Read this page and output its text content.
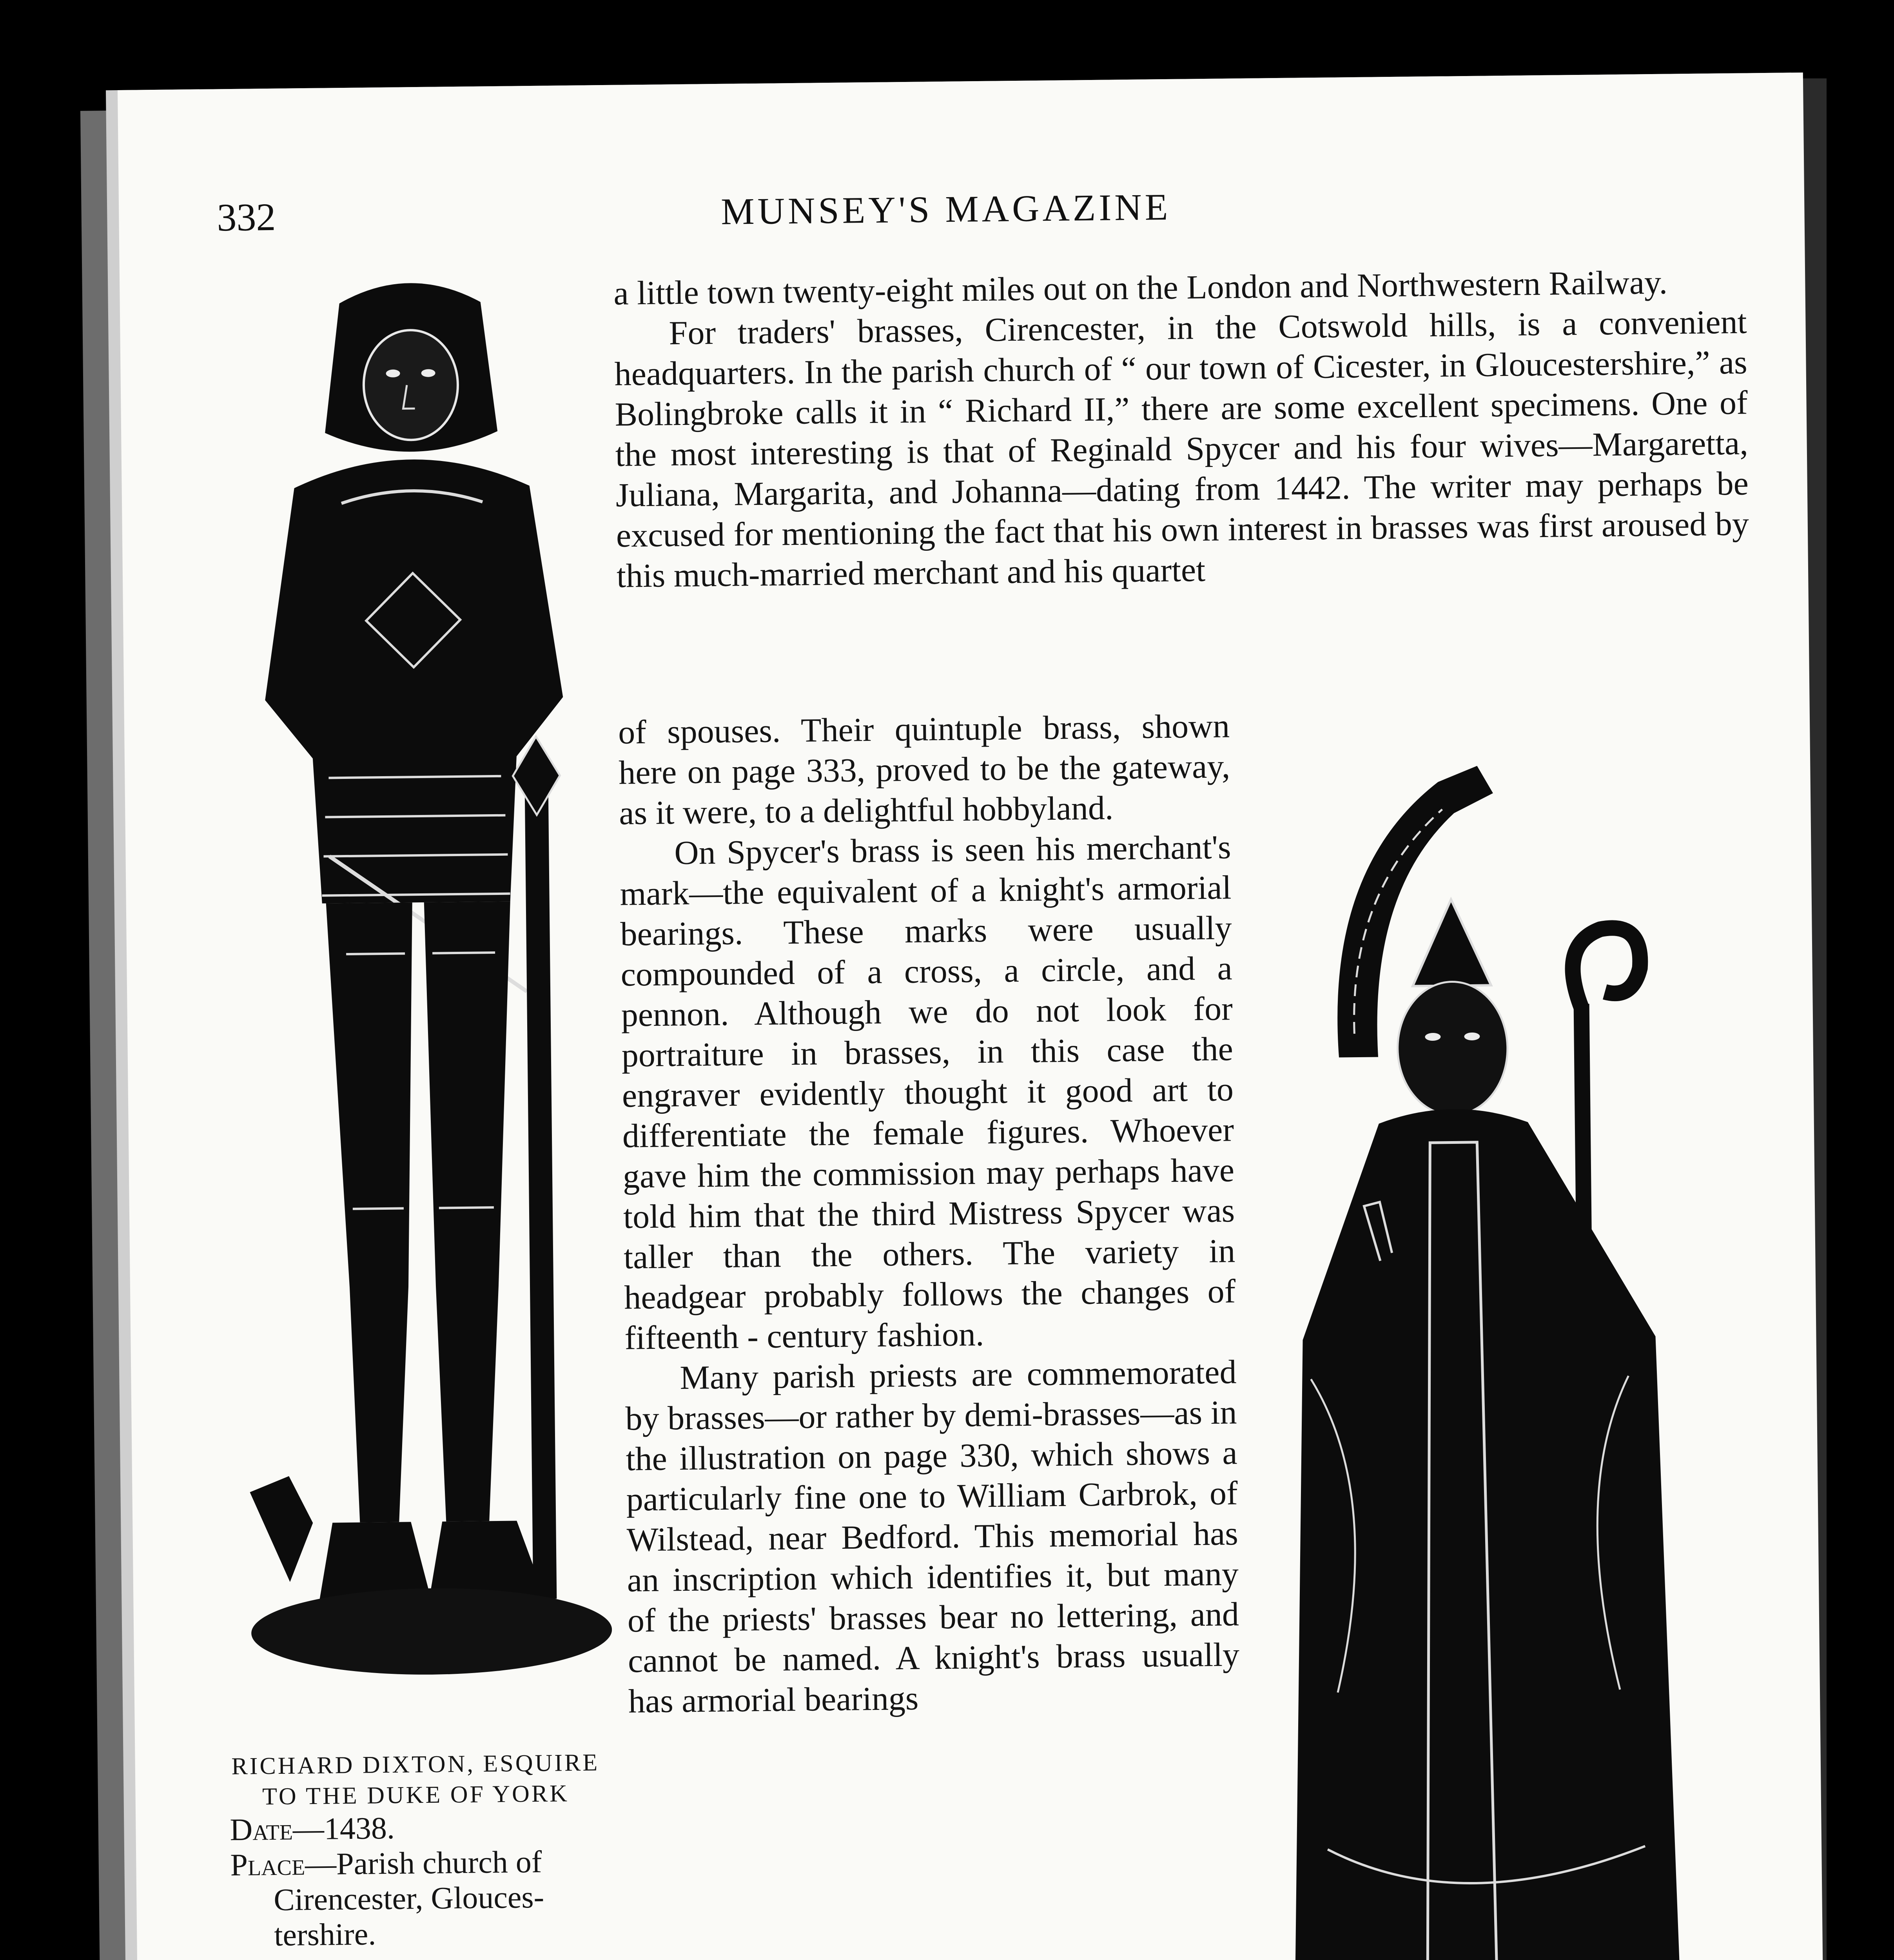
332	MUNSEY'S MAGAZINE

a little town twenty-eight miles out on the London and Northwestern Railway.

For traders' brasses, Cirencester, in the Cotswold hills, is a convenient headquarters. In the parish church of “ our town of Cicester, in Gloucestershire,” as Bolingbroke calls it in “ Richard II,” there are some excellent specimens. One of the most interesting is that of Reginald Spycer and his four wives—Margaretta, Juliana, Margarita, and Johanna—dating from 1442. The writer may perhaps be excused for mentioning the fact that his own interest in brasses was first aroused by this much-married merchant and his quartet

of spouses. Their quintuple brass, shown here on page 333, proved to be the gateway, as it were, to a delightful hobbyland.

On Spycer's brass is seen his merchant's mark—the equivalent of a knight's armorial bearings. These marks were usually compounded of a cross, a circle, and a pennon. Although we do not look for portraiture in brasses, in this case the engraver evidently thought it good art to differentiate the female figures. Whoever gave him the commission may perhaps have told him that the third Mistress Spycer was taller than the others. The variety in headgear probably follows the changes of fifteenth - century fashion.

Many parish priests are commemorated by brasses—or rather by demi-brasses—as in the illustration on page 330, which shows a particularly fine one to William Carbrok, of Wilstead, near Bedford. This memorial has an inscription which identifies it, but many of the priests' brasses bear no lettering, and cannot be named. A knight's brass usually has armorial bearings

RICHARD DIXTON, ESQUIRE
TO THE DUKE OF YORK
Date—1438.
Place—Parish church of
Cirencester, Glouces-
tershire.
